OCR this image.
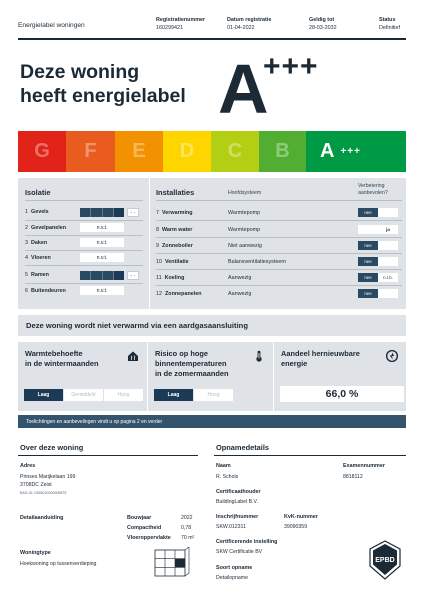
Energielabel woningen
Registratienummer
160299421
Datum registratie
01-04-2022
Geldig tot
28-03-2032
Status
Definitief
Deze woning
heeft energielabel A
+++
G F E D C B A +++
Isolatie
1 Gevels	+ +
2 Gevelpanelen	n.v.t.
3 Daken	n.v.t.
4 Vloeren	n.v.t.
5 Ramen	+ +
6 Buitendeuren	n.v.t.
Installaties	Hoofdsysteem
Verbetering aanbevolen?
7 Verwarming	Warmtepomp	nee
8 Warm water	Warmtepomp	ja
9 Zonneboiler	Niet aanwezig	nee
10 Ventilatie	Balansventilatiesysteem	nee
11 Koeling	Aanwezig	nee	n.t.b.
12 Zonnepanelen	Aanwezig	nee
Deze woning wordt niet verwarmd via een aardgasaansluiting
Warmtebehoefte
in de wintermaanden
Laag	Gemiddeld	Hoog
Risico op hoge
binnentemperaturen
in de zomermaanden
Laag	Hoog
Aandeel hernieuwbare
energie
66,0 %
Toelichtingen en aanbevelingen vindt u op pagina 2 en verder
Over deze woning
Adres
Prinses Marijkelaan 199
3708DC Zeist
BAG-ID: 0355010000009875
Detailaanduiding	Bouwjaar	2022
Compactheid	0,78
Vloeroppervlakte 70 m²
Woningtype
Hoekwoning op tussenverdieping
Opnamedetails
Naam
R. Schols
Examennummer
8818112
Certificaathouder
BuildingLabel B.V.
Inschrijfnummer
SKW.012311
KvK-nummer
39090359
Certificerende instelling
SKW Certificatie BV
Soort opname
Detailopname
EPBD
